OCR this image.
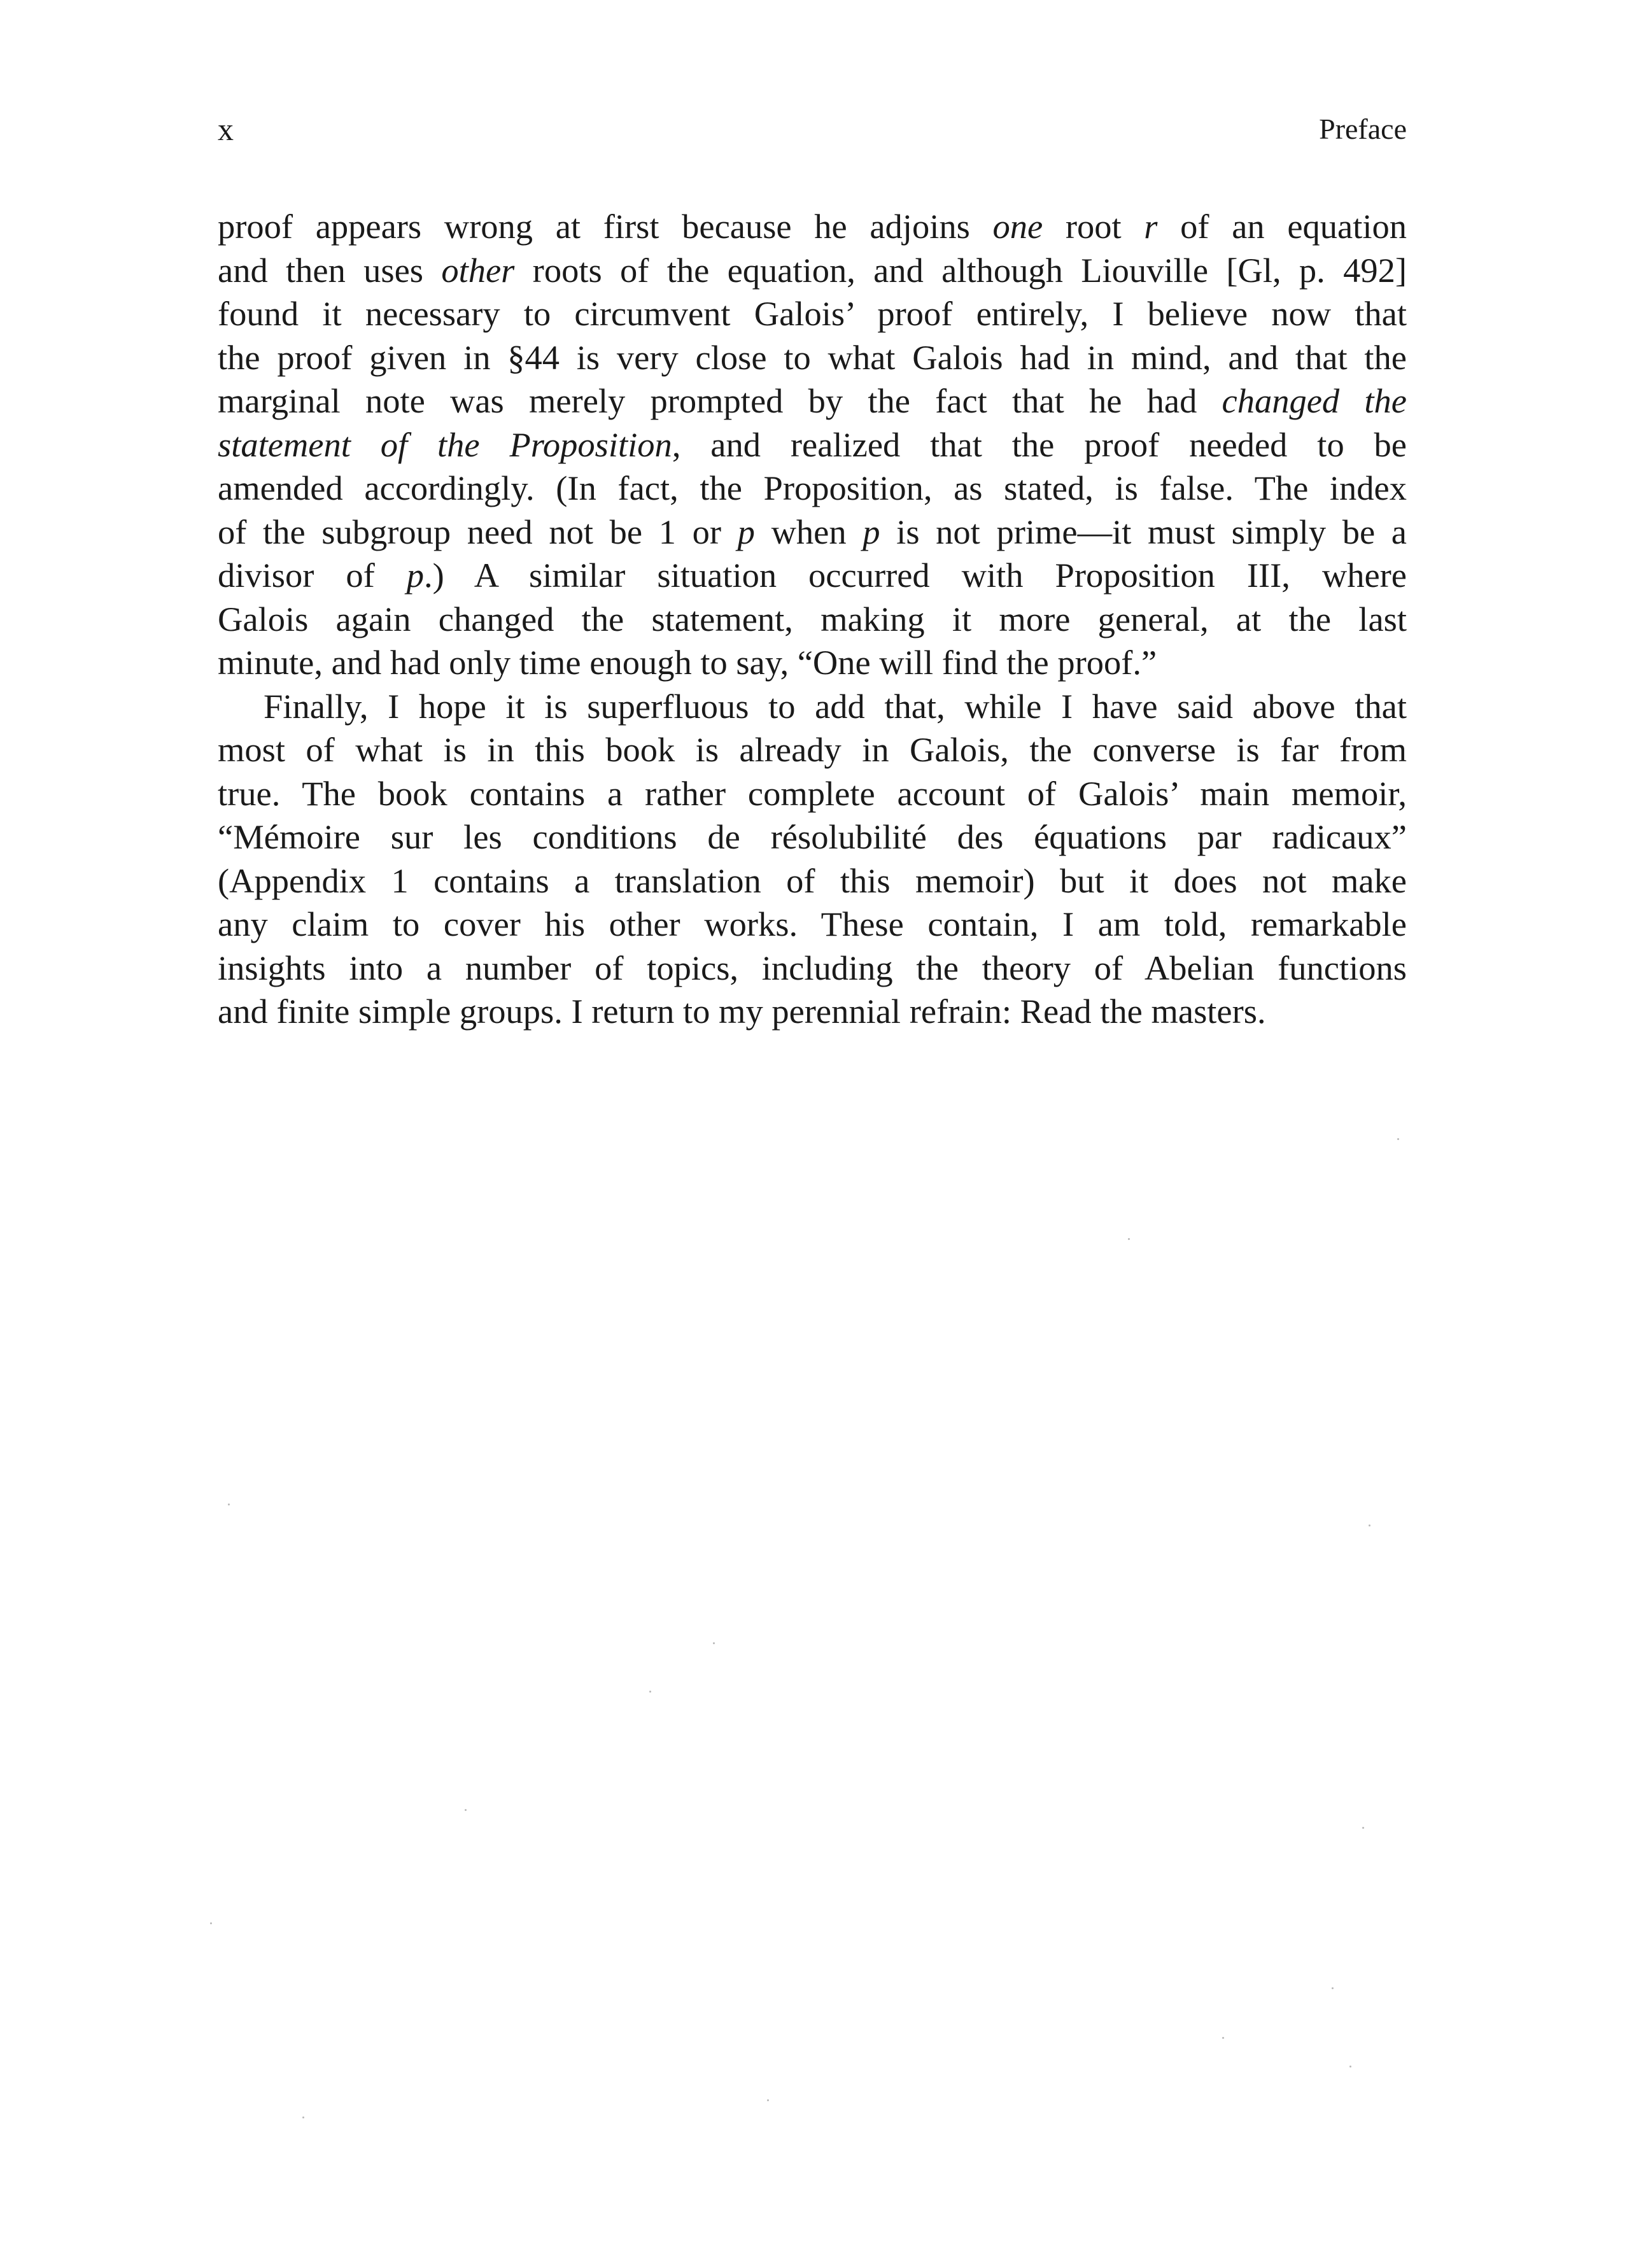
x	Preface
proof appears wrong at first because he adjoins one root r of an equation
and then uses other roots of the equation, and although Liouville [Gl, p. 492]
found it necessary to circumvent Galois’ proof entirely, I believe now that
the proof given in §44 is very close to what Galois had in mind, and that the
marginal note was merely prompted by the fact that he had changed the
statement of the Proposition, and realized that the proof needed to be
amended accordingly. (In fact, the Proposition, as stated, is false. The index
of the subgroup need not be 1 or p when p is not prime—it must simply be a
divisor of p.) A similar situation occurred with Proposition III, where
Galois again changed the statement, making it more general, at the last
minute, and had only time enough to say, “One will find the proof.”
Finally, I hope it is superfluous to add that, while I have said above that
most of what is in this book is already in Galois, the converse is far from
true. The book contains a rather complete account of Galois’ main memoir,
“Mémoire sur les conditions de résolubilité des équations par radicaux”
(Appendix 1 contains a translation of this memoir) but it does not make
any claim to cover his other works. These contain, I am told, remarkable
insights into a number of topics, including the theory of Abelian functions
and finite simple groups. I return to my perennial refrain: Read the masters.
